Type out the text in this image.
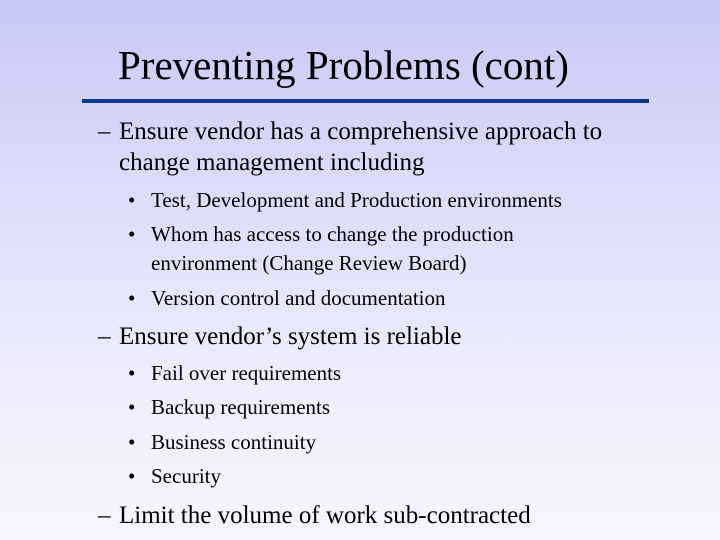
Preventing Problems (cont)
– Ensure vendor has a comprehensive approach to
change management including
• Test, Development and Production environments
• Whom has access to change the production
environment (Change Review Board)
• Version control and documentation
– Ensure vendor’s system is reliable
• Fail over requirements
• Backup requirements
• Business continuity
• Security
– Limit the volume of work sub-contracted
